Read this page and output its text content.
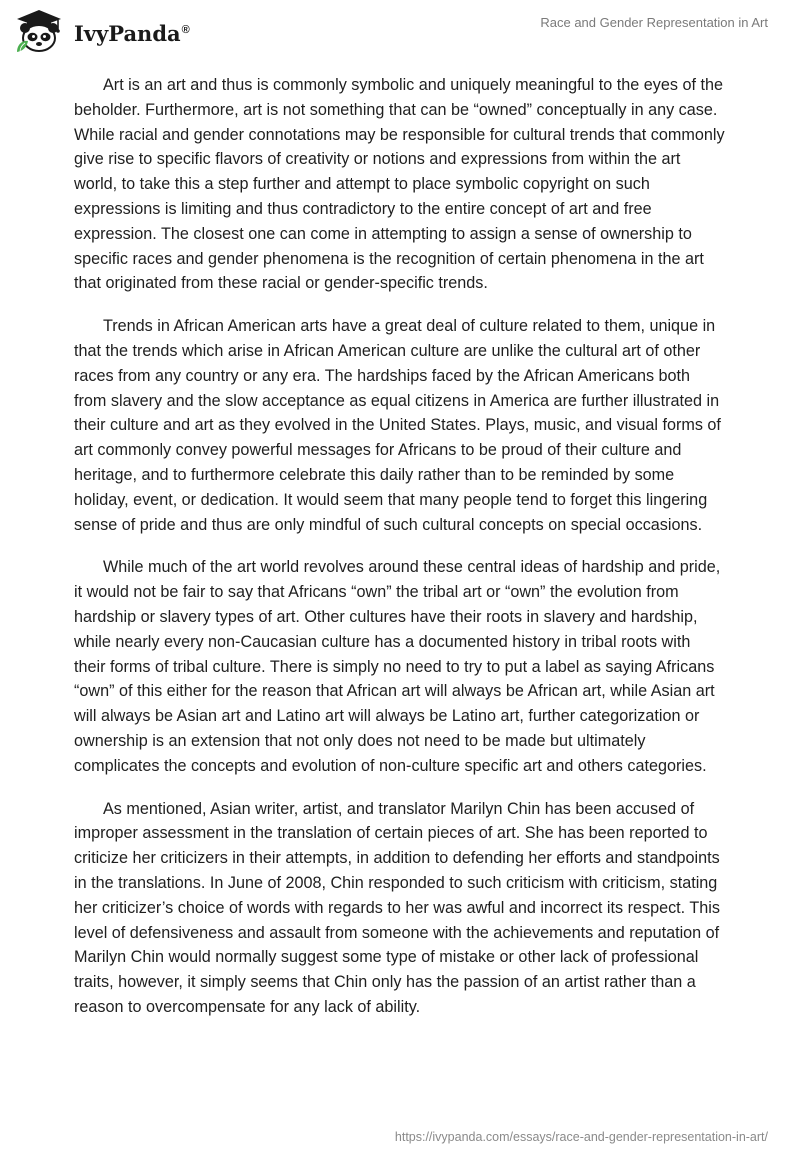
IvyPanda®	Race and Gender Representation in Art

Art is an art and thus is commonly symbolic and uniquely meaningful to the eyes of the beholder. Furthermore, art is not something that can be “owned” conceptually in any case. While racial and gender connotations may be responsible for cultural trends that commonly give rise to specific flavors of creativity or notions and expressions from within the art world, to take this a step further and attempt to place symbolic copyright on such expressions is limiting and thus contradictory to the entire concept of art and free expression. The closest one can come in attempting to assign a sense of ownership to specific races and gender phenomena is the recognition of certain phenomena in the art that originated from these racial or gender-specific trends.

Trends in African American arts have a great deal of culture related to them, unique in that the trends which arise in African American culture are unlike the cultural art of other races from any country or any era. The hardships faced by the African Americans both from slavery and the slow acceptance as equal citizens in America are further illustrated in their culture and art as they evolved in the United States. Plays, music, and visual forms of art commonly convey powerful messages for Africans to be proud of their culture and heritage, and to furthermore celebrate this daily rather than to be reminded by some holiday, event, or dedication. It would seem that many people tend to forget this lingering sense of pride and thus are only mindful of such cultural concepts on special occasions.

While much of the art world revolves around these central ideas of hardship and pride, it would not be fair to say that Africans “own” the tribal art or “own” the evolution from hardship or slavery types of art. Other cultures have their roots in slavery and hardship, while nearly every non-Caucasian culture has a documented history in tribal roots with their forms of tribal culture. There is simply no need to try to put a label as saying Africans “own” of this either for the reason that African art will always be African art, while Asian art will always be Asian art and Latino art will always be Latino art, further categorization or ownership is an extension that not only does not need to be made but ultimately complicates the concepts and evolution of non-culture specific art and others categories.

As mentioned, Asian writer, artist, and translator Marilyn Chin has been accused of improper assessment in the translation of certain pieces of art. She has been reported to criticize her criticizers in their attempts, in addition to defending her efforts and standpoints in the translations. In June of 2008, Chin responded to such criticism with criticism, stating her criticizer’s choice of words with regards to her was awful and incorrect its respect. This level of defensiveness and assault from someone with the achievements and reputation of Marilyn Chin would normally suggest some type of mistake or other lack of professional traits, however, it simply seems that Chin only has the passion of an artist rather than a reason to overcompensate for any lack of ability.

https://ivypanda.com/essays/race-and-gender-representation-in-art/
